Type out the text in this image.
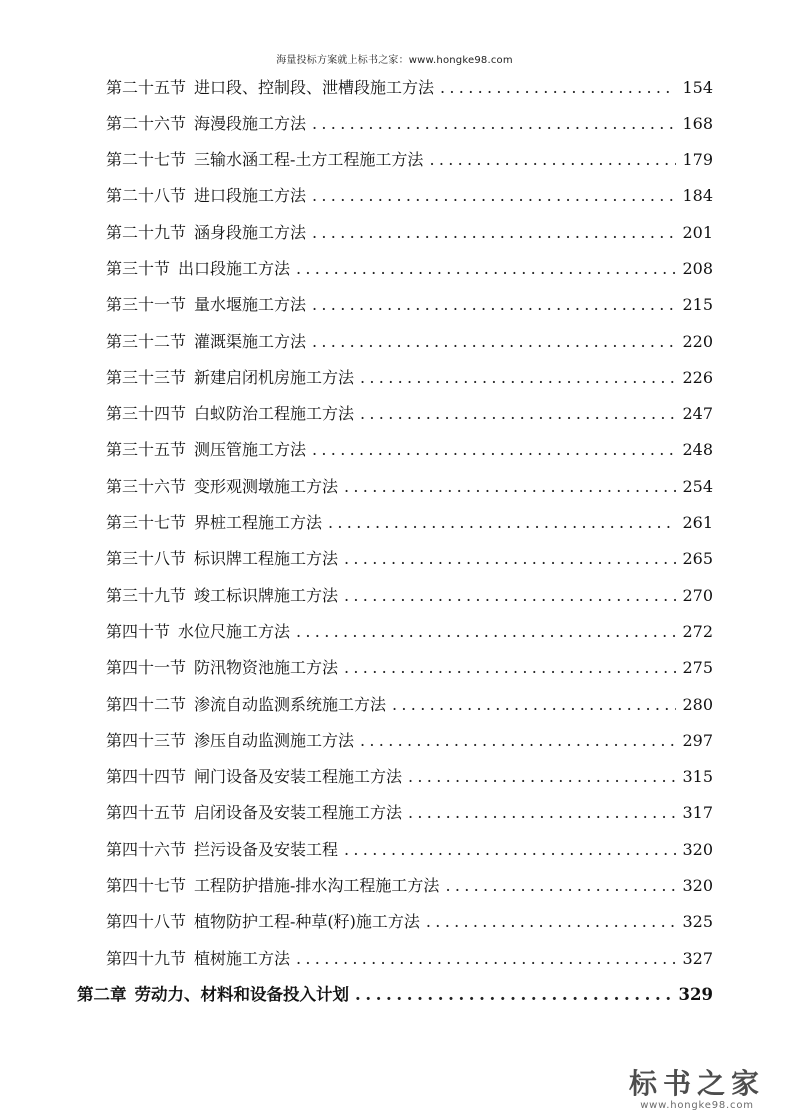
海量投标方案就上标书之家：www.hongke98.com
第二十五节 进口段、控制段、泄槽段施工方法 .....	154
第二十六节 海漫段施工方法 .....	168
第二十七节 三输水涵工程-土方工程施工方法 .....	179
第二十八节 进口段施工方法 .....	184
第二十九节 涵身段施工方法 .....	201
第三十节 出口段施工方法 .....	208
第三十一节 量水堰施工方法 .....	215
第三十二节 灌溉渠施工方法 .....	220
第三十三节 新建启闭机房施工方法 .....	226
第三十四节 白蚁防治工程施工方法 .....	247
第三十五节 测压管施工方法 .....	248
第三十六节 变形观测墩施工方法 .....	254
第三十七节 界桩工程施工方法 .....	261
第三十八节 标识牌工程施工方法 .....	265
第三十九节 竣工标识牌施工方法 .....	270
第四十节 水位尺施工方法 .....	272
第四十一节 防汛物资池施工方法 .....	275
第四十二节 渗流自动监测系统施工方法 .....	280
第四十三节 渗压自动监测施工方法 .....	297
第四十四节 闸门设备及安装工程施工方法 .....	315
第四十五节 启闭设备及安装工程施工方法 .....	317
第四十六节 拦污设备及安装工程 .....	320
第四十七节 工程防护措施-排水沟工程施工方法 .....	320
第四十八节 植物防护工程-种草(籽)施工方法 .....	325
第四十九节 植树施工方法 .....	327
第二章 劳动力、材料和设备投入计划 .....	329
标书之家
www.hongke98.com
